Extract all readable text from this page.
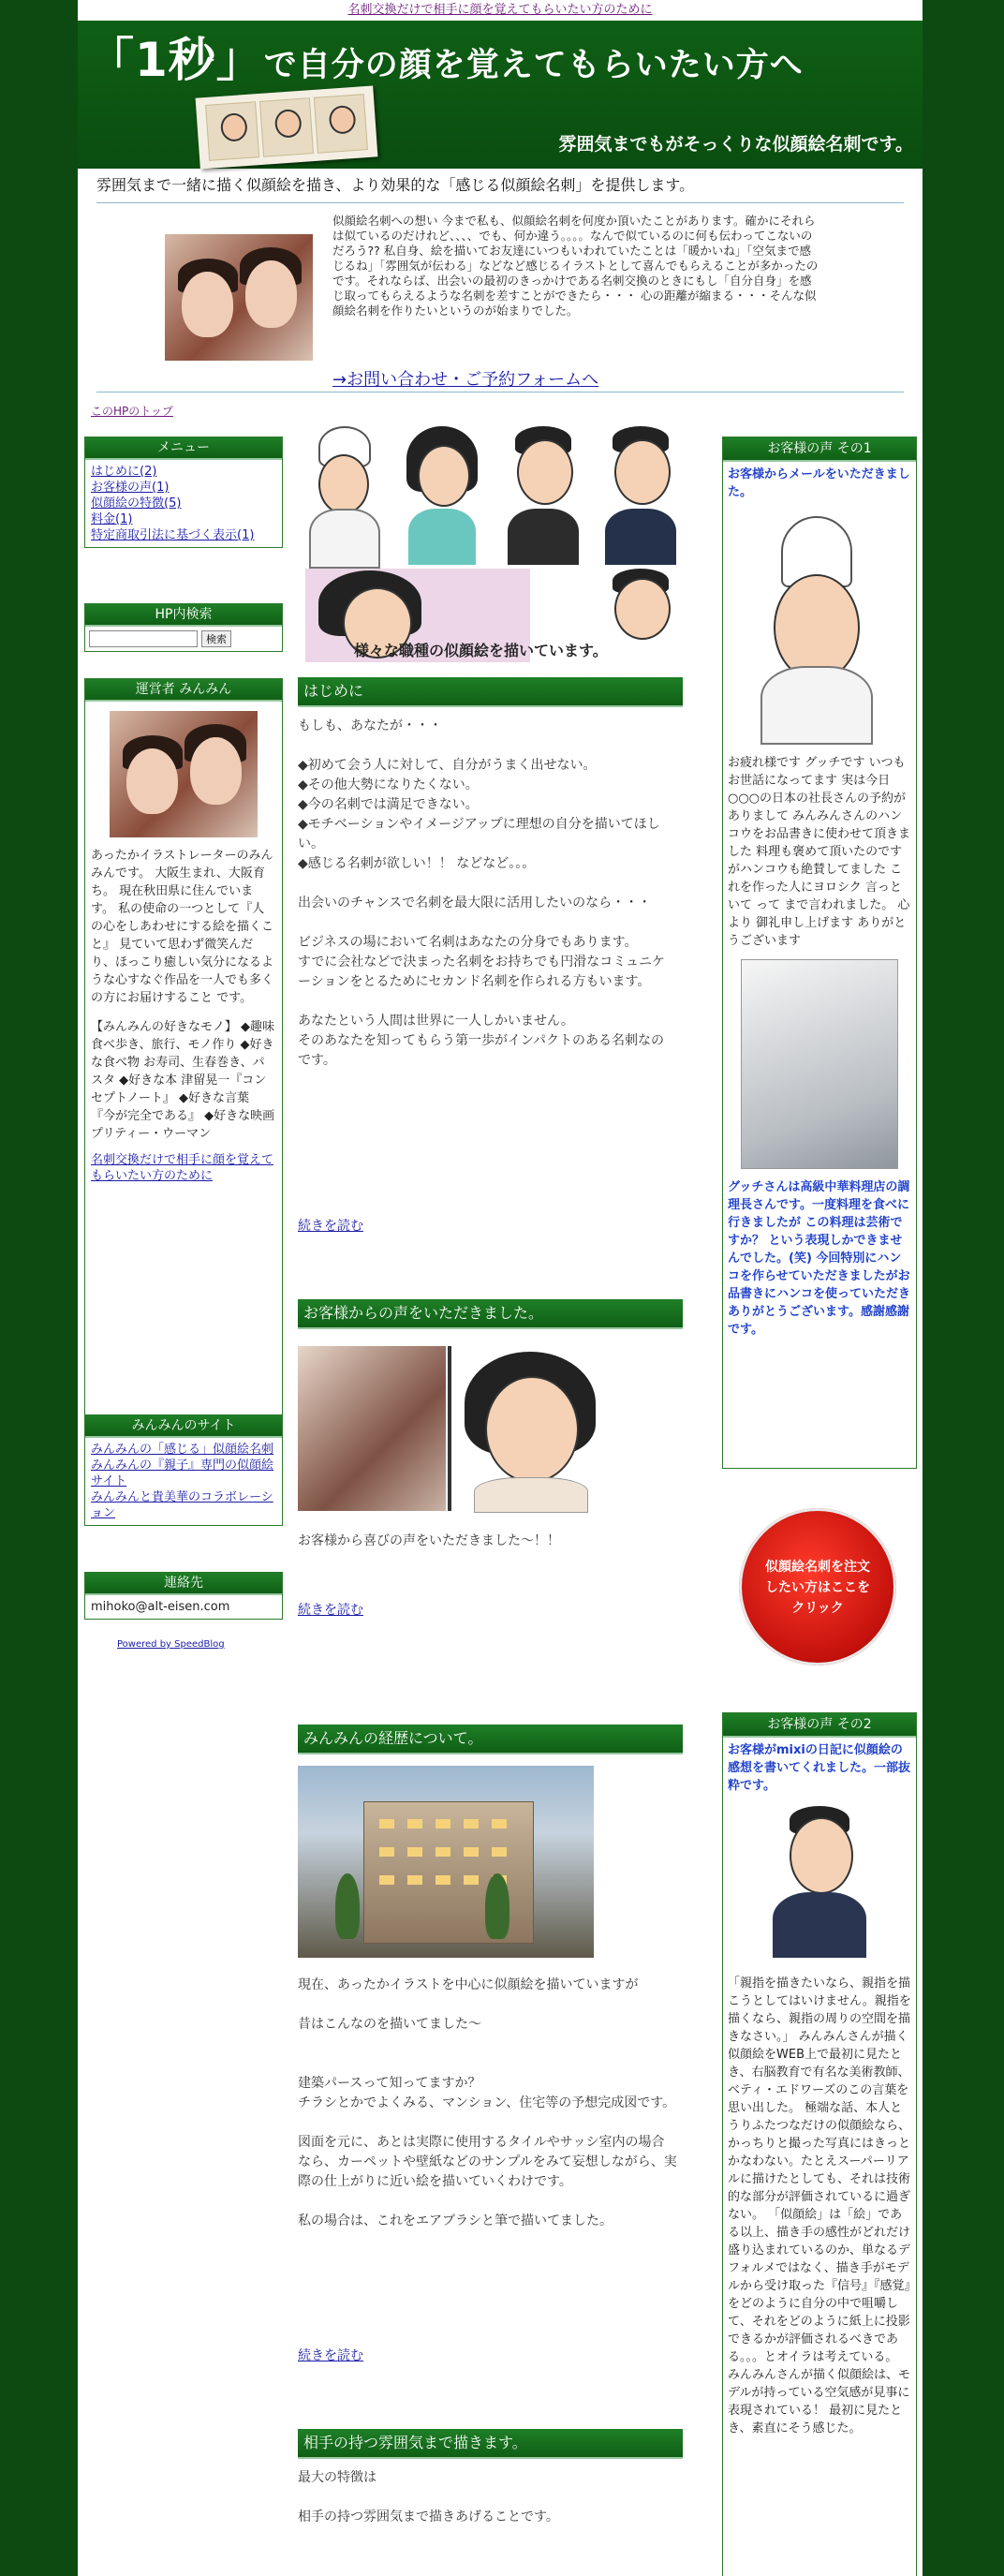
名刺交換だけで相手に顔を覚えてもらいたい方のために
「1秒」で自分の顔を覚えてもらいたい方へ
雰囲気までもがそっくりな似顔絵名刺です。
雰囲気まで一緒に描く似顔絵を描き、より効果的な「感じる似顔絵名刺」を提供します。
似顔絵名刺への想い 今まで私も、似顔絵名刺を何度か頂いたことがあります。確かにそれらは似ているのだけれど、、、、でも、何か違う。。。。なんで似ているのに何も伝わってこないのだろう?? 私自身、絵を描いてお友達にいつもいわれていたことは「暖かいね」「空気まで感じるね」「雰囲気が伝わる」などなど感じるイラストとして喜んでもらえることが多かったのです。それならば、出会いの最初のきっかけである名刺交換のときにもし「自分自身」を感じ取ってもらえるような名刺を差すことができたら・・・ 心の距離が縮まる・・・そんな似顔絵名刺を作りたいというのが始まりでした。
→お問い合わせ・ご予約フォームへ
このHPのトップ
メニュー
はじめに(2)
お客様の声(1)
似顔絵の特徴(5)
料金(1)
特定商取引法に基づく表示(1)
HP内検索
検索
運営者 みんみん
あったかイラストレーターのみんみんです。 大阪生まれ、大阪育ち。 現在秋田県に住んでいます。 私の使命の一つとして『人の心をしあわせにする絵を描くこと』 見ていて思わず微笑んだり、ほっこり癒しい気分になるような心すなぐ作品を一人でも多くの方にお届けすること です。
【みんみんの好きなモノ】 ◆趣味 食べ歩き、旅行、モノ作り ◆好きな食べ物 お寿司、生春巻き、パスタ ◆好きな本 津留晃一『コンセプトノート』 ◆好きな言葉 『今が完全である』 ◆好きな映画 プリティー・ウーマン
名刺交換だけで相手に顔を覚えてもらいたい方のために
みんみんのサイト
みんみんの「感じる」似顔絵名刺
みんみんの『親子』専門の似顔絵サイト
みんみんと貴美華のコラボレーション
連絡先
mihoko@alt-eisen.com
Powered by SpeedBlog
様々な職種の似顔絵を描いています。
はじめに
もしも、あなたが・・・

◆初めて会う人に対して、自分がうまく出せない。
◆その他大勢になりたくない。
◆今の名刺では満足できない。
◆モチベーションやイメージアップに理想の自分を描いてほしい。
◆感じる名刺が欲しい！！ などなど。。。

出会いのチャンスで名刺を最大限に活用したいのなら・・・

ビジネスの場において名刺はあなたの分身でもあります。
すでに会社などで決まった名刺をお持ちでも円滑なコミュニケーションをとるためにセカンド名刺を作られる方もいます。

あなたという人間は世界に一人しかいません。
そのあなたを知ってもらう第一歩がインパクトのある名刺なのです。
続きを読む
お客様からの声をいただきました。
お客様から喜びの声をいただきました～！！
続きを読む
みんみんの経歴について。
現在、あったかイラストを中心に似顔絵を描いていますが

昔はこんなのを描いてました～

建築パースって知ってますか？
チラシとかでよくみる、マンション、住宅等の予想完成図です。

図面を元に、あとは実際に使用するタイルやサッシ室内の場合なら、カーペットや壁紙などのサンプルをみて妄想しながら、実際の仕上がりに近い絵を描いていくわけです。

私の場合は、これをエアブラシと筆で描いてました。
続きを読む
相手の持つ雰囲気まで描きます。
最大の特徴は

相手の持つ雰囲気まで描きあげることです。
お客様の声 その1
お客様からメールをいただきました。
お疲れ様です グッチです いつもお世話になってます 実は今日 ○○○の日本の社長さんの予約がありまして みんみんさんのハンコウをお品書きに使わせて頂きました 料理も褒めて頂いたのですがハンコウも絶賛してました これを作った人にヨロシク 言っといて って まで言われました。 心より 御礼申し上げます ありがとうございます
グッチさんは高級中華料理店の調理長さんです。一度料理を食べに行きましたが この料理は芸術ですか？ という表現しかできませんでした。(笑) 今回特別にハンコを作らせていただきましたがお品書きにハンコを使っていただきありがとうございます。感謝感謝です。
似顔絵名刺を注文したい方はここをクリック
お客様の声 その2
お客様がmixiの日記に似顔絵の感想を書いてくれました。一部抜粋です。
「親指を描きたいなら、親指を描こうとしてはいけません。親指を描くなら、親指の周りの空間を描きなさい。」 みんみんさんが描く似顔絵をWEB上で最初に見たとき、右脳教育で有名な美術教師、ベティ・エドワーズのこの言葉を思い出した。 極端な話、本人とうりふたつなだけの似顔絵なら、かっちりと撮った写真にはきっとかなわない。たとえスーパーリアルに描けたとしても、それは技術的な部分が評価されているに過ぎない。 「似顔絵」は「絵」である以上、描き手の感性がどれだけ盛り込まれているのか、単なるデフォルメではなく、描き手がモデルから受け取った『信号』『感覚』をどのように自分の中で咀嚼して、それをどのように紙上に投影できるかが評価されるべきである。。。とオイラは考えている。 みんみんさんが描く似顔絵は、モデルが持っている空気感が見事に表現されている！ 最初に見たとき、素直にそう感じた。
